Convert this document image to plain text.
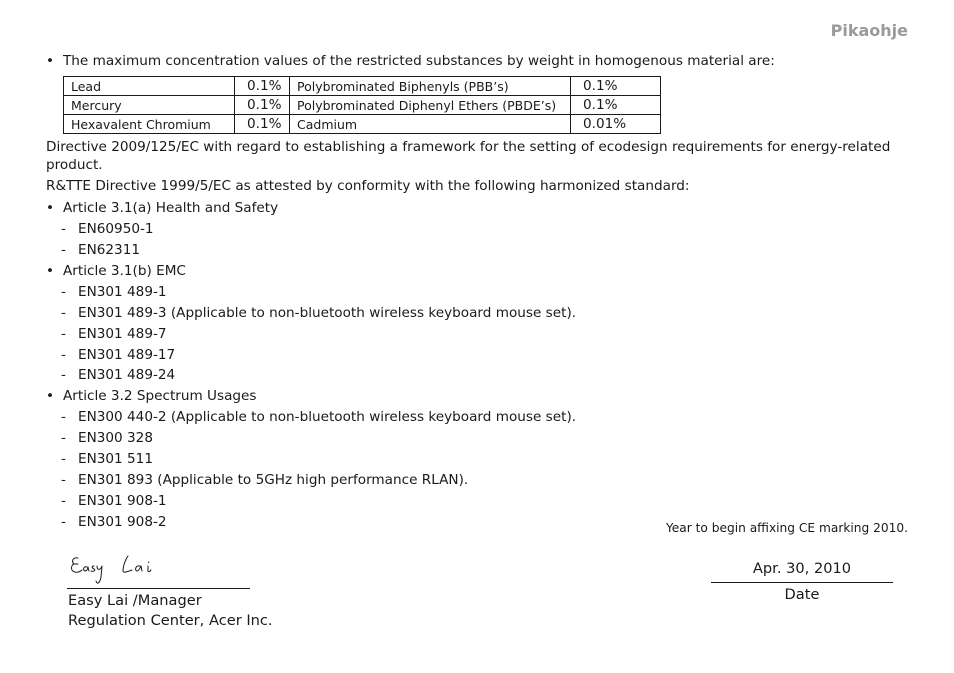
Pikaohje
• The maximum concentration values of the restricted substances by weight in homogenous material are:
Lead	0.1%	Polybrominated Biphenyls (PBB’s)	0.1%
Mercury	0.1%	Polybrominated Diphenyl Ethers (PBDE’s)	0.1%
Hexavalent Chromium	0.1%	Cadmium	0.01%
Directive 2009/125/EC with regard to establishing a framework for the setting of ecodesign requirements for energy-related
product.
R&TTE Directive 1999/5/EC as attested by conformity with the following harmonized standard:
• Article 3.1(a) Health and Safety
- EN60950-1
- EN62311
• Article 3.1(b) EMC
- EN301 489-1
- EN301 489-3 (Applicable to non-bluetooth wireless keyboard mouse set).
- EN301 489-7
- EN301 489-17
- EN301 489-24
• Article 3.2 Spectrum Usages
- EN300 440-2 (Applicable to non-bluetooth wireless keyboard mouse set).
- EN300 328
- EN301 511
- EN301 893 (Applicable to 5GHz high performance RLAN).
- EN301 908-1
- EN301 908-2	Year to begin affixing CE marking 2010.
Easy Lai /Manager
Regulation Center, Acer Inc.
Apr. 30, 2010
Date
